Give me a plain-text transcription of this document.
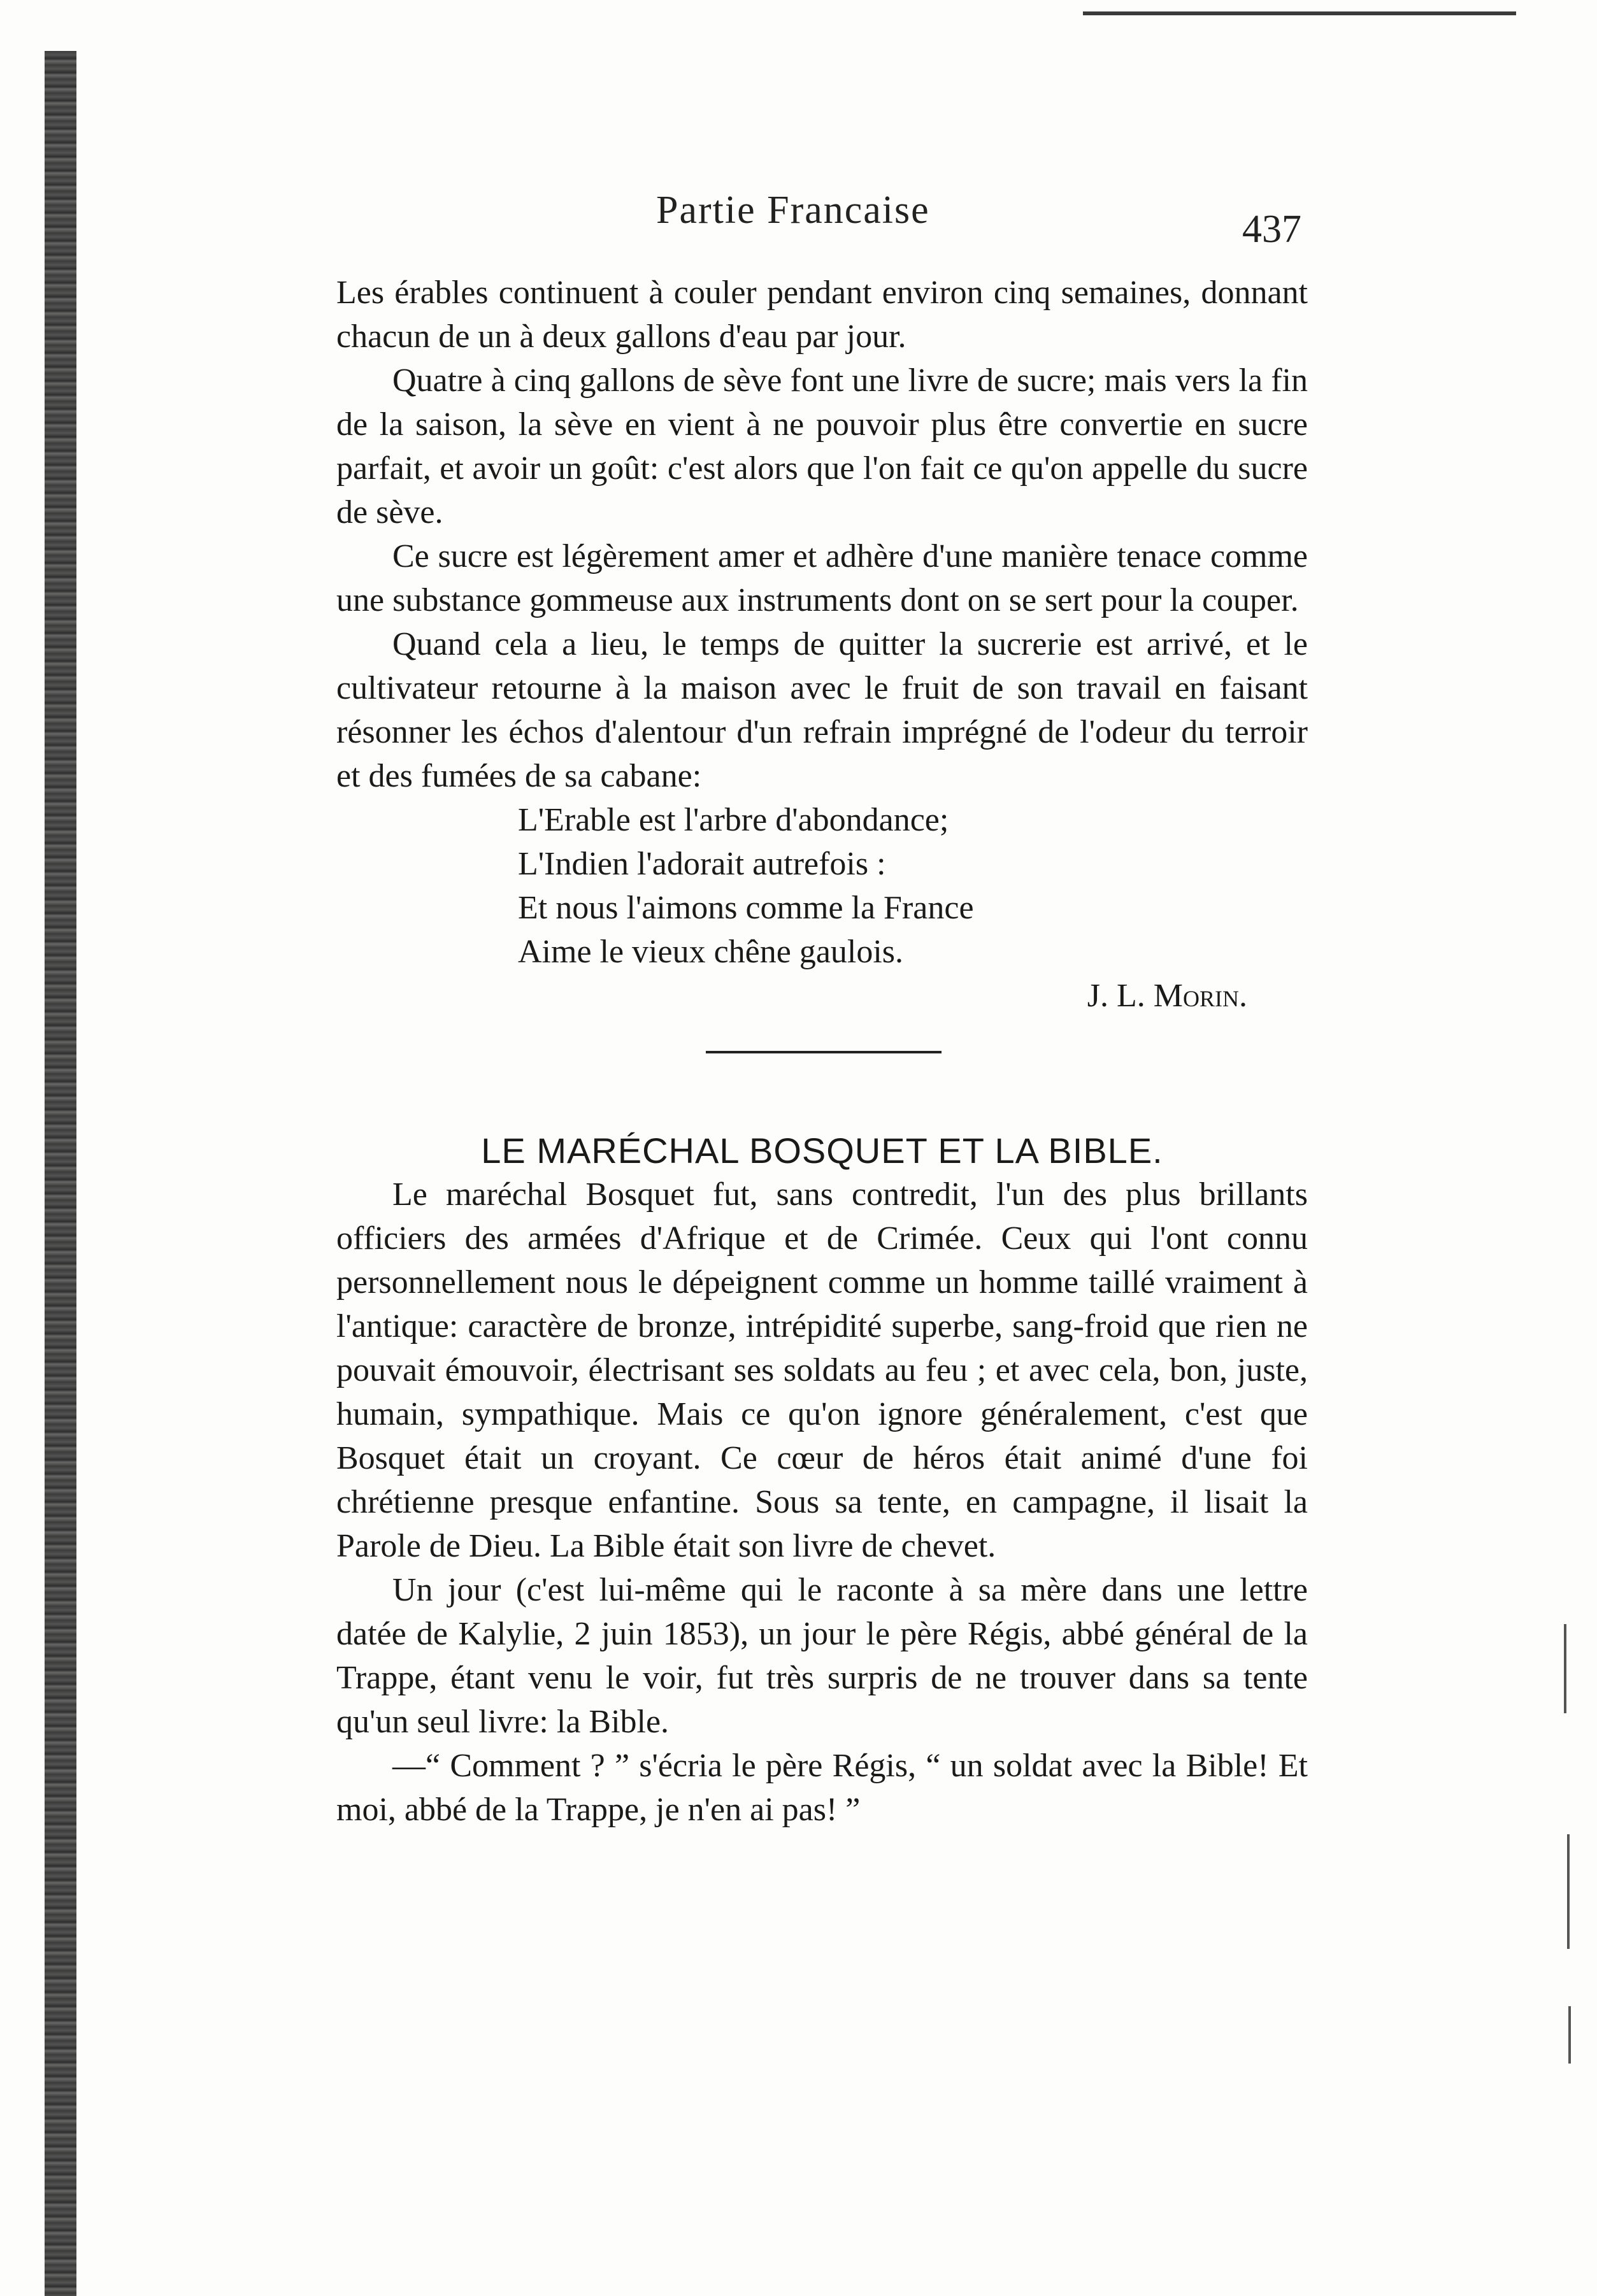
Partie Francaise	437

Les érables continuent à couler pendant environ cinq semaines, donnant chacun de un à deux gallons d'eau par jour.

Quatre à cinq gallons de sève font une livre de sucre; mais vers la fin de la saison, la sève en vient à ne pouvoir plus être convertie en sucre parfait, et avoir un goût: c'est alors que l'on fait ce qu'on appelle du sucre de sève.

Ce sucre est légèrement amer et adhère d'une manière tenace comme une substance gommeuse aux instruments dont on se sert pour la couper.

Quand cela a lieu, le temps de quitter la sucrerie est arrivé, et le cultivateur retourne à la maison avec le fruit de son travail en faisant résonner les échos d'alentour d'un refrain imprégné de l'odeur du terroir et des fumées de sa cabane:

L'Erable est l'arbre d'abondance;
L'Indien l'adorait autrefois :
Et nous l'aimons comme la France
Aime le vieux chêne gaulois.
J. L. Morin.
LE MARÉCHAL BOSQUET ET LA BIBLE.

Le maréchal Bosquet fut, sans contredit, l'un des plus brillants officiers des armées d'Afrique et de Crimée. Ceux qui l'ont connu personnellement nous le dépeignent comme un homme taillé vraiment à l'antique: caractère de bronze, intrépidité superbe, sang-froid que rien ne pouvait émouvoir, électrisant ses soldats au feu ; et avec cela, bon, juste, humain, sympathique. Mais ce qu'on ignore généralement, c'est que Bosquet était un croyant. Ce cœur de héros était animé d'une foi chrétienne presque enfantine. Sous sa tente, en campagne, il lisait la Parole de Dieu. La Bible était son livre de chevet.

Un jour (c'est lui-même qui le raconte à sa mère dans une lettre datée de Kalylie, 2 juin 1853), un jour le père Régis, abbé général de la Trappe, étant venu le voir, fut très surpris de ne trouver dans sa tente qu'un seul livre: la Bible.

—“ Comment ? ” s'écria le père Régis, “ un soldat avec la Bible! Et moi, abbé de la Trappe, je n'en ai pas! ”
